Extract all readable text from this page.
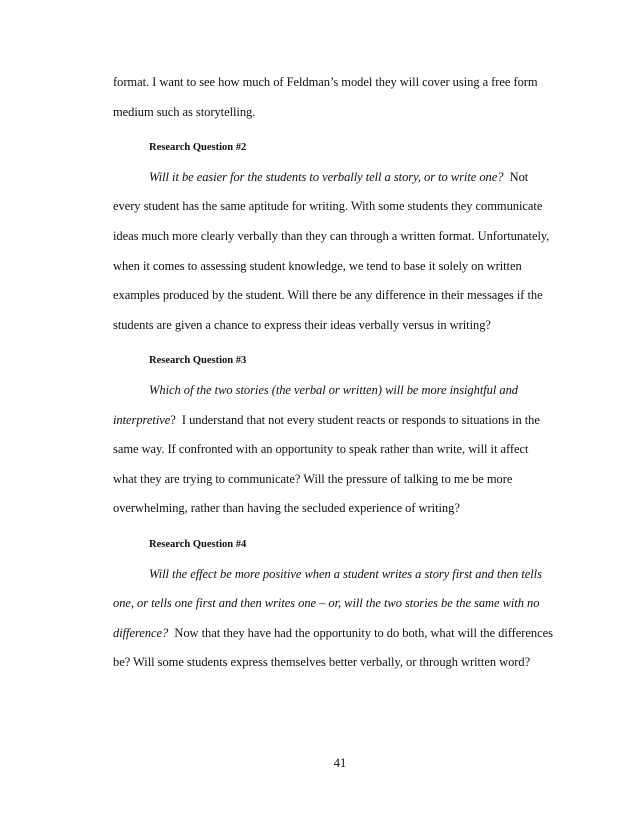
format. I want to see how much of Feldman’s model they will cover using a free form
medium such as storytelling.
Research Question #2
Will it be easier for the students to verbally tell a story, or to write one?  Not
every student has the same aptitude for writing. With some students they communicate
ideas much more clearly verbally than they can through a written format. Unfortunately,
when it comes to assessing student knowledge, we tend to base it solely on written
examples produced by the student. Will there be any difference in their messages if the
students are given a chance to express their ideas verbally versus in writing?
Research Question #3
Which of the two stories (the verbal or written) will be more insightful and
interpretive?  I understand that not every student reacts or responds to situations in the
same way. If confronted with an opportunity to speak rather than write, will it affect
what they are trying to communicate? Will the pressure of talking to me be more
overwhelming, rather than having the secluded experience of writing?
Research Question #4
Will the effect be more positive when a student writes a story first and then tells
one, or tells one first and then writes one – or, will the two stories be the same with no
difference?  Now that they have had the opportunity to do both, what will the differences
be? Will some students express themselves better verbally, or through written word?
41
